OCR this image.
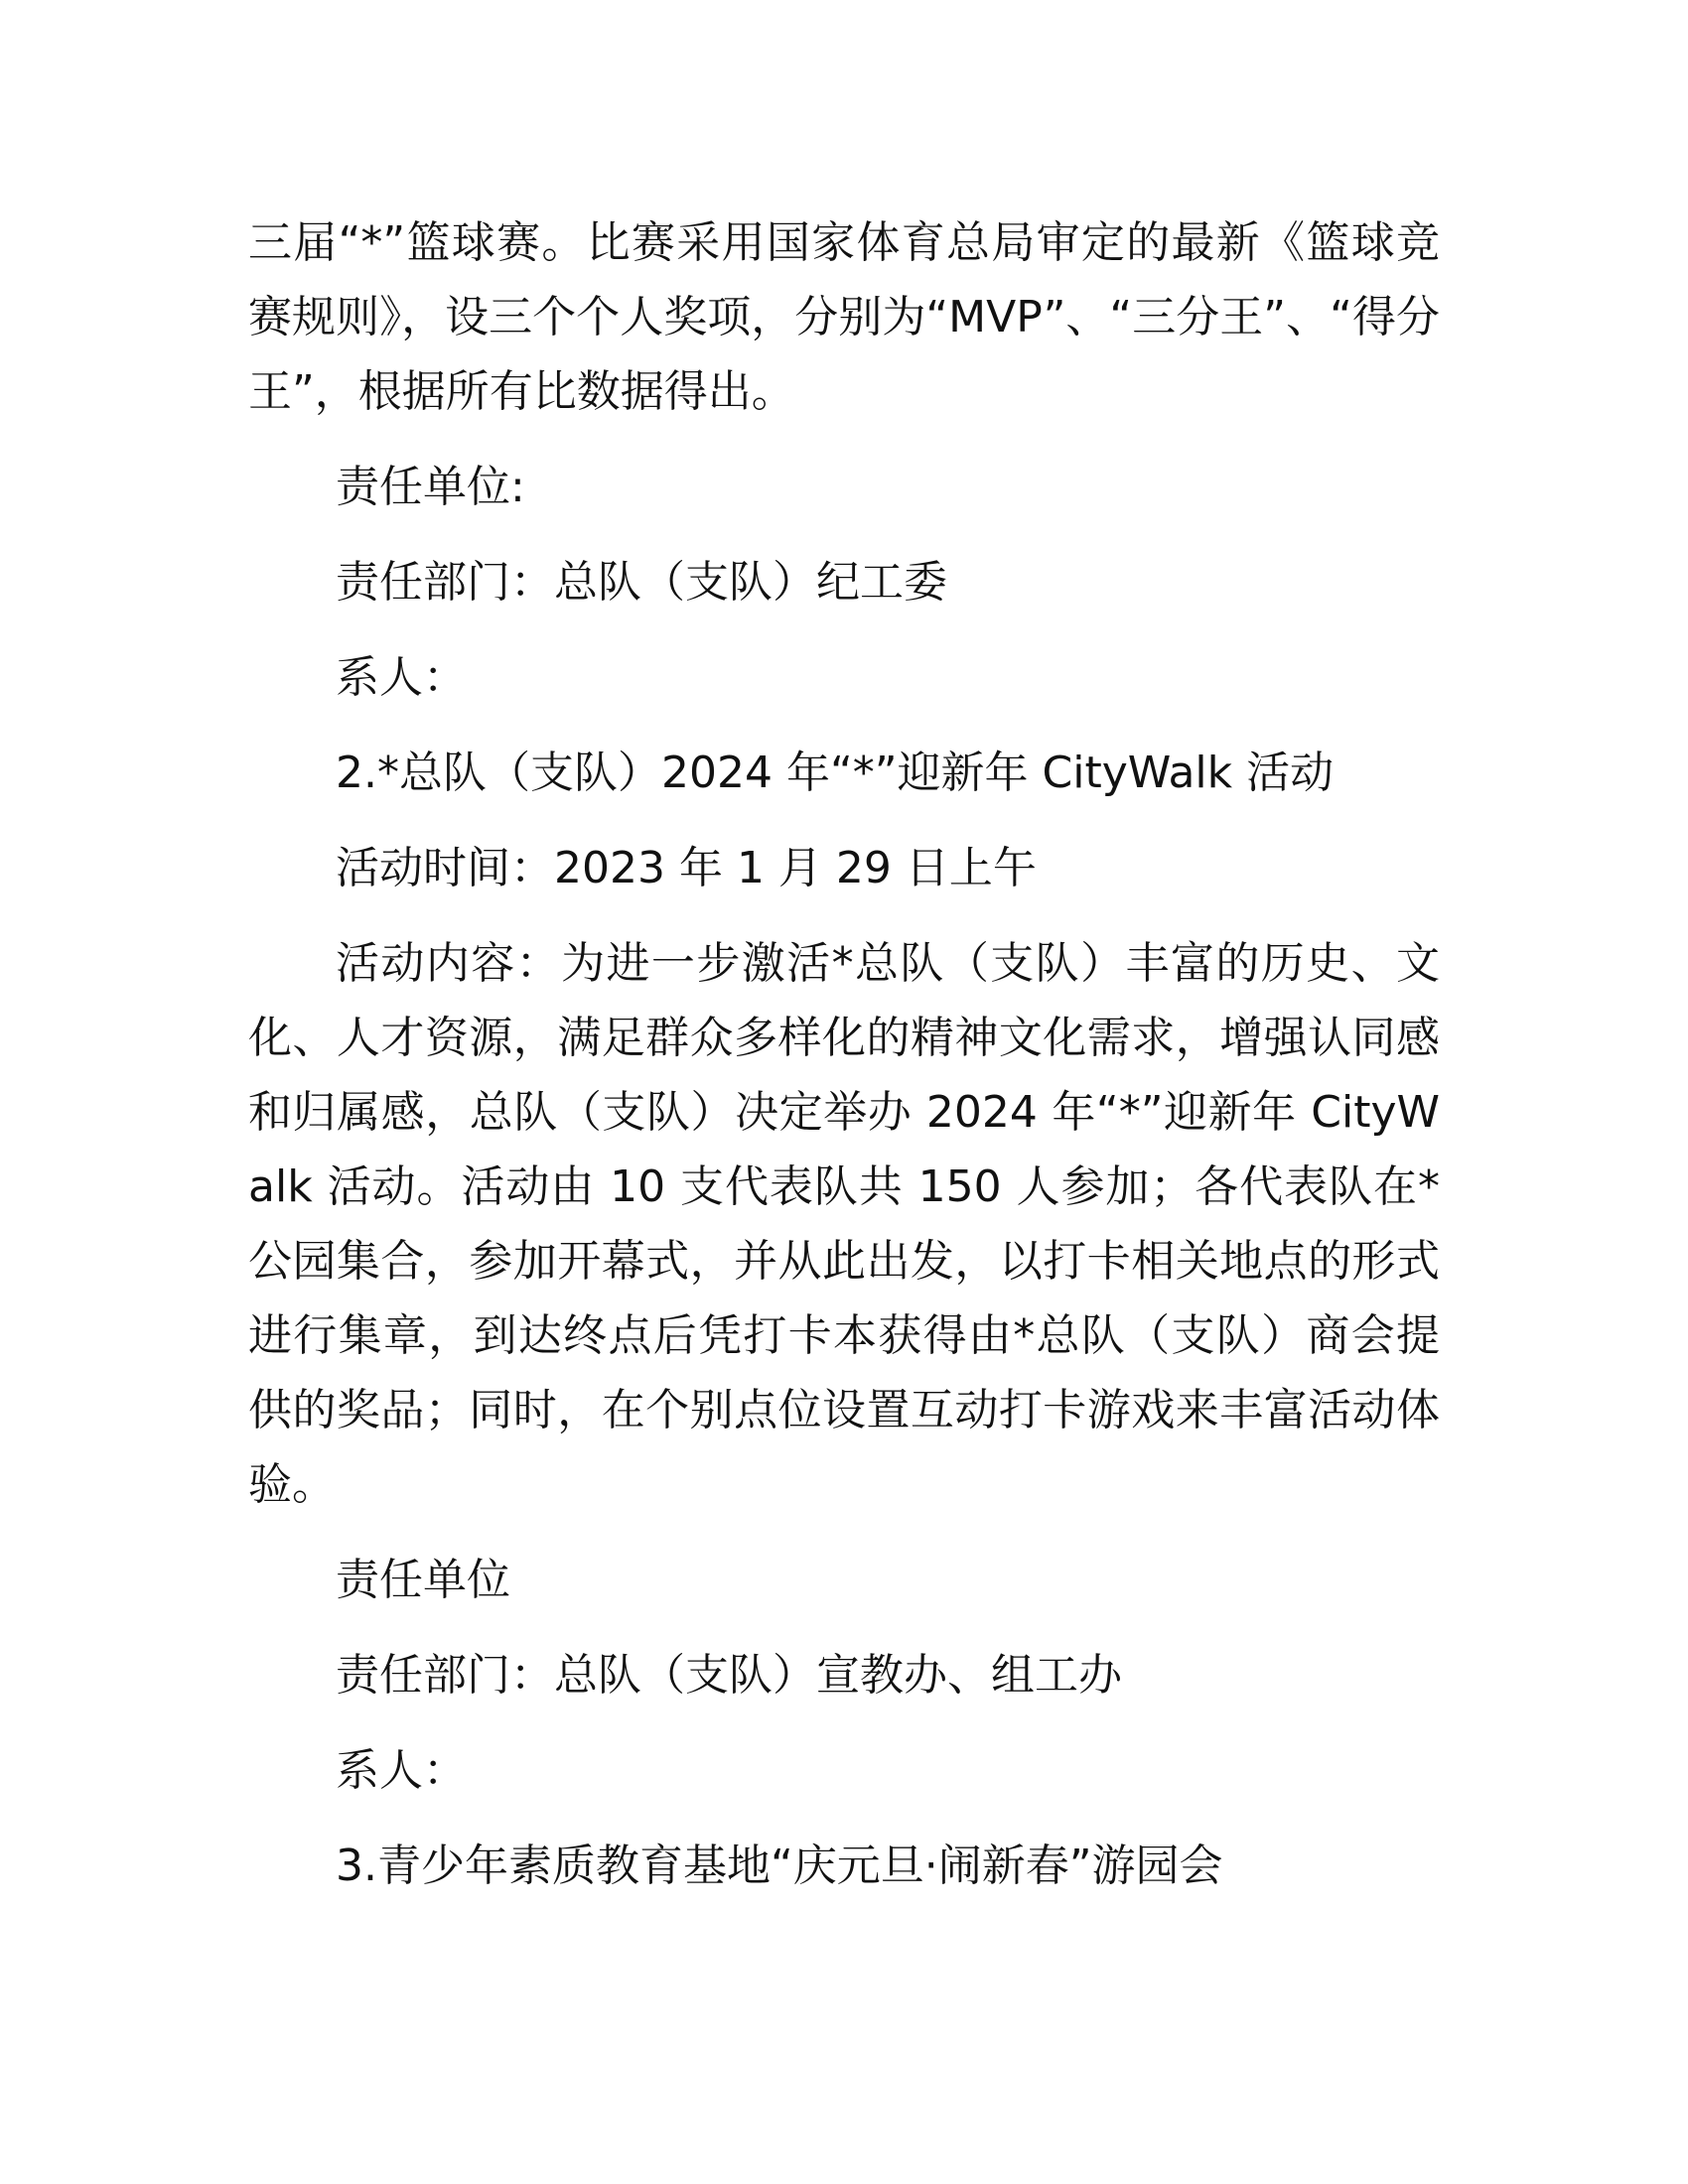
三届“*”篮球赛。比赛采用国家体育总局审定的最新《篮球竞赛规则》，设三个个人奖项，分别为“MVP”、“三分王”、“得分王”，根据所有比数据得出。

责任单位:

责任部门：总队（支队）纪工委

系人：

2.*总队（支队）2024 年“*”迎新年 CityWalk 活动

活动时间：2023 年 1 月 29 日上午

活动内容：为进一步激活*总队（支队）丰富的历史、文化、人才资源，满足群众多样化的精神文化需求，增强认同感和归属感，总队（支队）决定举办 2024 年“*”迎新年 CityWalk 活动。活动由 10 支代表队共 150 人参加；各代表队在*公园集合，参加开幕式，并从此出发，以打卡相关地点的形式进行集章，到达终点后凭打卡本获得由*总队（支队）商会提供的奖品；同时，在个别点位设置互动打卡游戏来丰富活动体验。

责任单位

责任部门：总队（支队）宣教办、组工办

系人：

3.青少年素质教育基地“庆元旦·闹新春”游园会
